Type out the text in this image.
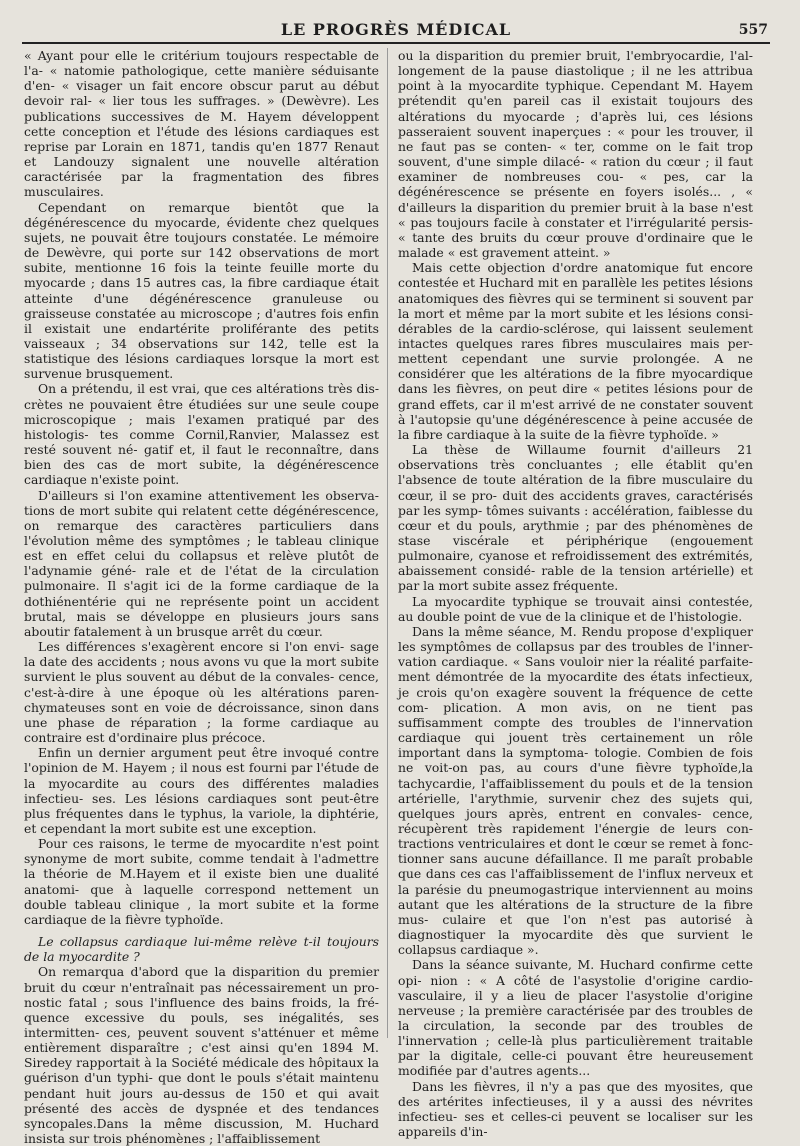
LE PROGRÈS MÉDICAL	557

« Ayant pour elle le critérium toujours respectable de l'a- « natomie pathologique, cette manière séduisante d'en- « visager un fait encore obscur parut au début devoir ral- « lier tous les suffrages. » (Dewèvre). Les publications successives de M. Hayem développent cette conception et l'étude des lésions cardiaques est reprise par Lorain en 1871, tandis qu'en 1877 Renaut et Landouzy signalent une nouvelle altération caractérisée par la fragmentation des fibres musculaires.

Cependant on remarque bientôt que la dégénérescence du myocarde, évidente chez quelques sujets, ne pouvait être toujours constatée. Le mémoire de Dewèvre, qui porte sur 142 observations de mort subite, mentionne 16 fois la teinte feuille morte du myocarde ; dans 15 autres cas, la fibre cardiaque était atteinte d'une dégénérescence granuleuse ou graisseuse constatée au microscope ; d'autres fois enfin il existait une endartérite proliférante des petits vaisseaux ; 34 observations sur 142, telle est la statistique des lésions cardiaques lorsque la mort est survenue brusquement.

On a prétendu, il est vrai, que ces altérations très dis- crètes ne pouvaient être étudiées sur une seule coupe microscopique ; mais l'examen pratiqué par des histologis- tes comme Cornil,Ranvier, Malassez est resté souvent né- gatif et, il faut le reconnaître, dans bien des cas de mort subite, la dégénérescence cardiaque n'existe point.

D'ailleurs si l'on examine attentivement les observa- tions de mort subite qui relatent cette dégénérescence, on remarque des caractères particuliers dans l'évolution même des symptômes ; le tableau clinique est en effet celui du collapsus et relève plutôt de l'adynamie géné- rale et de l'état de la circulation pulmonaire. Il s'agit ici de la forme cardiaque de la dothiénentérie qui ne représente point un accident brutal, mais se développe en plusieurs jours sans aboutir fatalement à un brusque arrêt du cœur.

Les différences s'exagèrent encore si l'on envi- sage la date des accidents ; nous avons vu que la mort subite survient le plus souvent au début de la convales- cence, c'est-à-dire à une époque où les altérations paren- chymateuses sont en voie de décroissance, sinon dans une phase de réparation ; la forme cardiaque au contraire est d'ordinaire plus précoce.

Enfin un dernier argument peut être invoqué contre l'opinion de M. Hayem ; il nous est fourni par l'étude de la myocardite au cours des différentes maladies infectieu- ses. Les lésions cardiaques sont peut-être plus fréquentes dans le typhus, la variole, la diphtérie, et cependant la mort subite est une exception.

Pour ces raisons, le terme de myocardite n'est point synonyme de mort subite, comme tendait à l'admettre la théorie de M.Hayem et il existe bien une dualité anatomi- que à laquelle correspond nettement un double tableau clinique , la mort subite et la forme cardiaque de la fièvre typhoïde.

Le collapsus cardiaque lui-même relève t-il toujours de la myocardite ?

On remarqua d'abord que la disparition du premier bruit du cœur n'entraînait pas nécessairement un pro- nostic fatal ; sous l'influence des bains froids, la fré- quence excessive du pouls, ses inégalités, ses intermitten- ces, peuvent souvent s'atténuer et même entièrement disparaître ; c'est ainsi qu'en 1894 M. Siredey rapportait à la Société médicale des hôpitaux la guérison d'un typhi- que dont le pouls s'était maintenu pendant huit jours au-dessus de 150 et qui avait présenté des accès de dyspnée et des tendances syncopales.Dans la même discussion, M. Huchard insista sur trois phénomènes ; l'affaiblissement

ou la disparition du premier bruit, l'embryocardie, l'al- longement de la pause diastolique ; il ne les attribua point à la myocardite typhique. Cependant M. Hayem prétendit qu'en pareil cas il existait toujours des altérations du myocarde ; d'après lui, ces lésions passeraient souvent inaperçues : « pour les trouver, il ne faut pas se conten- « ter, comme on le fait trop souvent, d'une simple dilacé- « ration du cœur ; il faut examiner de nombreuses cou- « pes, car la dégénérescence se présente en foyers isolés... , « d'ailleurs la disparition du premier bruit à la base n'est « pas toujours facile à constater et l'irrégularité persis- « tante des bruits du cœur prouve d'ordinaire que le malade « est gravement atteint. »

Mais cette objection d'ordre anatomique fut encore contestée et Huchard mit en parallèle les petites lésions anatomiques des fièvres qui se terminent si souvent par la mort et même par la mort subite et les lésions consi- dérables de la cardio-sclérose, qui laissent seulement intactes quelques rares fibres musculaires mais per- mettent cependant une survie prolongée. A ne considérer que les altérations de la fibre myocardique dans les fièvres, on peut dire « petites lésions pour de grand effets, car il m'est arrivé de ne constater souvent à l'autopsie qu'une dégénérescence à peine accusée de la fibre cardiaque à la suite de la fièvre typhoïde. »

La thèse de Willaume fournit d'ailleurs 21 observations très concluantes ; elle établit qu'en l'absence de toute altération de la fibre musculaire du cœur, il se pro- duit des accidents graves, caractérisés par les symp- tômes suivants : accélération, faiblesse du cœur et du pouls, arythmie ; par des phénomènes de stase viscérale et périphérique (engouement pulmonaire, cyanose et refroidissement des extrémités, abaissement considé- rable de la tension artérielle) et par la mort subite assez fréquente.

La myocardite typhique se trouvait ainsi contestée, au double point de vue de la clinique et de l'histologie.

Dans la même séance, M. Rendu propose d'expliquer les symptômes de collapsus par des troubles de l'inner- vation cardiaque. « Sans vouloir nier la réalité parfaite- ment démontrée de la myocardite des états infectieux, je crois qu'on exagère souvent la fréquence de cette com- plication. A mon avis, on ne tient pas suffisamment compte des troubles de l'innervation cardiaque qui jouent très certainement un rôle important dans la symptoma- tologie. Combien de fois ne voit-on pas, au cours d'une fièvre typhoïde,la tachycardie, l'affaiblissement du pouls et de la tension artérielle, l'arythmie, survenir chez des sujets qui, quelques jours après, entrent en convales- cence, récupèrent très rapidement l'énergie de leurs con- tractions ventriculaires et dont le cœur se remet à fonc- tionner sans aucune défaillance. Il me paraît probable que dans ces cas l'affaiblissement de l'influx nerveux et la parésie du pneumogastrique interviennent au moins autant que les altérations de la structure de la fibre mus- culaire et que l'on n'est pas autorisé à diagnostiquer la myocardite dès que survient le collapsus cardiaque ».

Dans la séance suivante, M. Huchard confirme cette opi- nion : « A côté de l'asystolie d'origine cardio-vasculaire, il y a lieu de placer l'asystolie d'origine nerveuse ; la première caractérisée par des troubles de la circulation, la seconde par des troubles de l'innervation ; celle-là plus particulièrement traitable par la digitale, celle-ci pouvant être heureusement modifiée par d'autres agents...

Dans les fièvres, il n'y a pas que des myosites, que des artérites infectieuses, il y a aussi des névrites infectieu- ses et celles-ci peuvent se localiser sur les appareils d'in-
